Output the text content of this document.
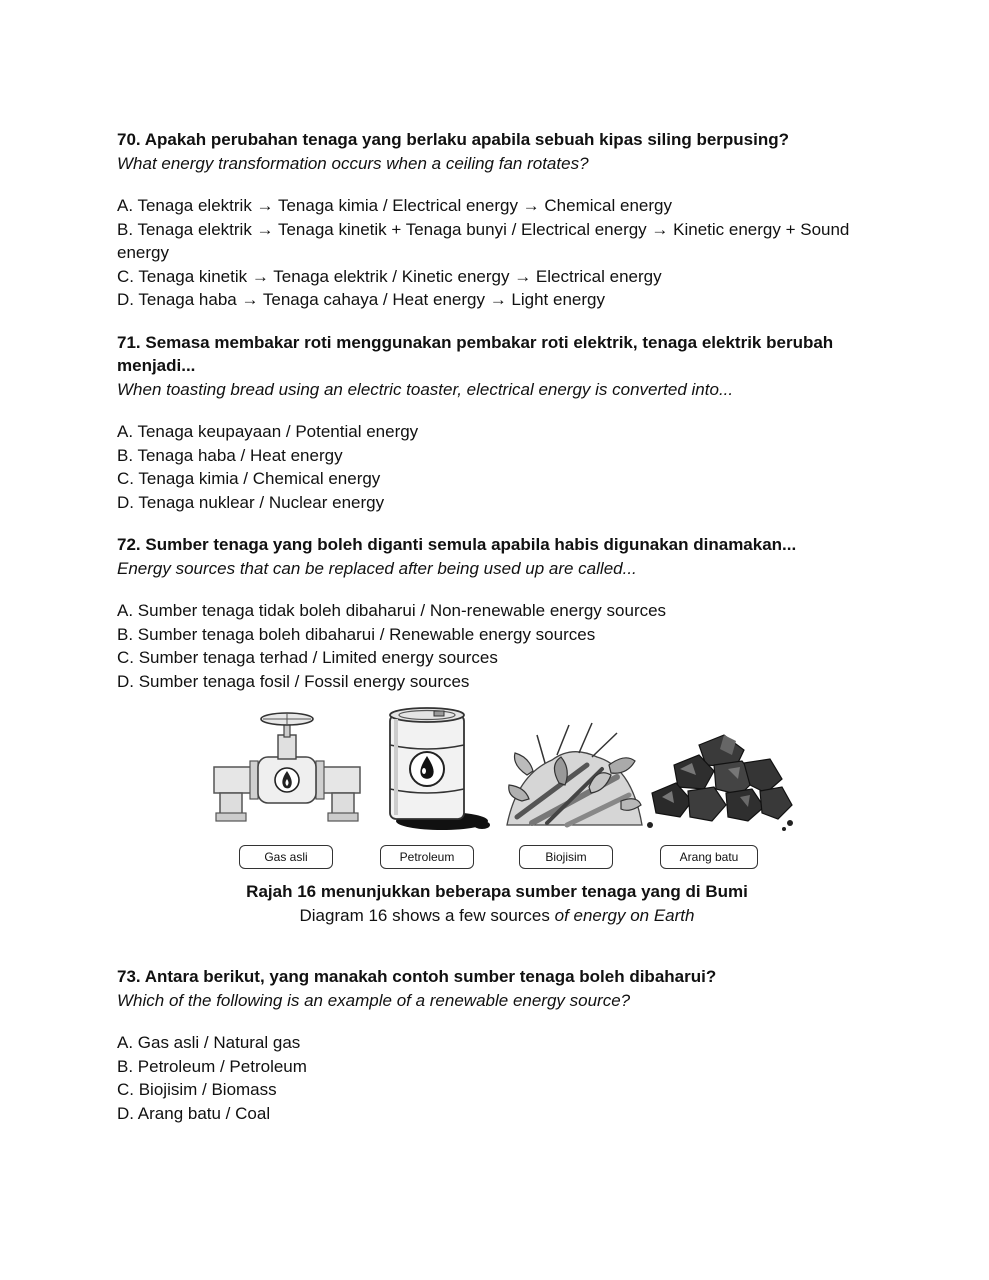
70. Apakah perubahan tenaga yang berlaku apabila sebuah kipas siling berpusing?

What energy transformation occurs when a ceiling fan rotates?

A. Tenaga elektrik → Tenaga kimia / Electrical energy → Chemical energy

B. Tenaga elektrik → Tenaga kinetik + Tenaga bunyi / Electrical energy → Kinetic energy + Sound energy

C. Tenaga kinetik → Tenaga elektrik / Kinetic energy → Electrical energy

D. Tenaga haba → Tenaga cahaya / Heat energy → Light energy

71. Semasa membakar roti menggunakan pembakar roti elektrik, tenaga elektrik berubah menjadi...

When toasting bread using an electric toaster, electrical energy is converted into...

A. Tenaga keupayaan / Potential energy

B. Tenaga haba / Heat energy

C. Tenaga kimia / Chemical energy

D. Tenaga nuklear / Nuclear energy

72. Sumber tenaga yang boleh diganti semula apabila habis digunakan dinamakan...

Energy sources that can be replaced after being used up are called...

A. Sumber tenaga tidak boleh dibaharui / Non-renewable energy sources

B. Sumber tenaga boleh dibaharui / Renewable energy sources

C. Sumber tenaga terhad / Limited energy sources

D. Sumber tenaga fosil / Fossil energy sources

Gas asli	Petroleum	Biojisim	Arang batu
Rajah 16 menunjukkan beberapa sumber tenaga yang di Bumi
Diagram 16 shows a few sources of energy on Earth

73. Antara berikut, yang manakah contoh sumber tenaga boleh dibaharui?

Which of the following is an example of a renewable energy source?

A. Gas asli / Natural gas

B. Petroleum / Petroleum

C. Biojisim / Biomass

D. Arang batu / Coal
